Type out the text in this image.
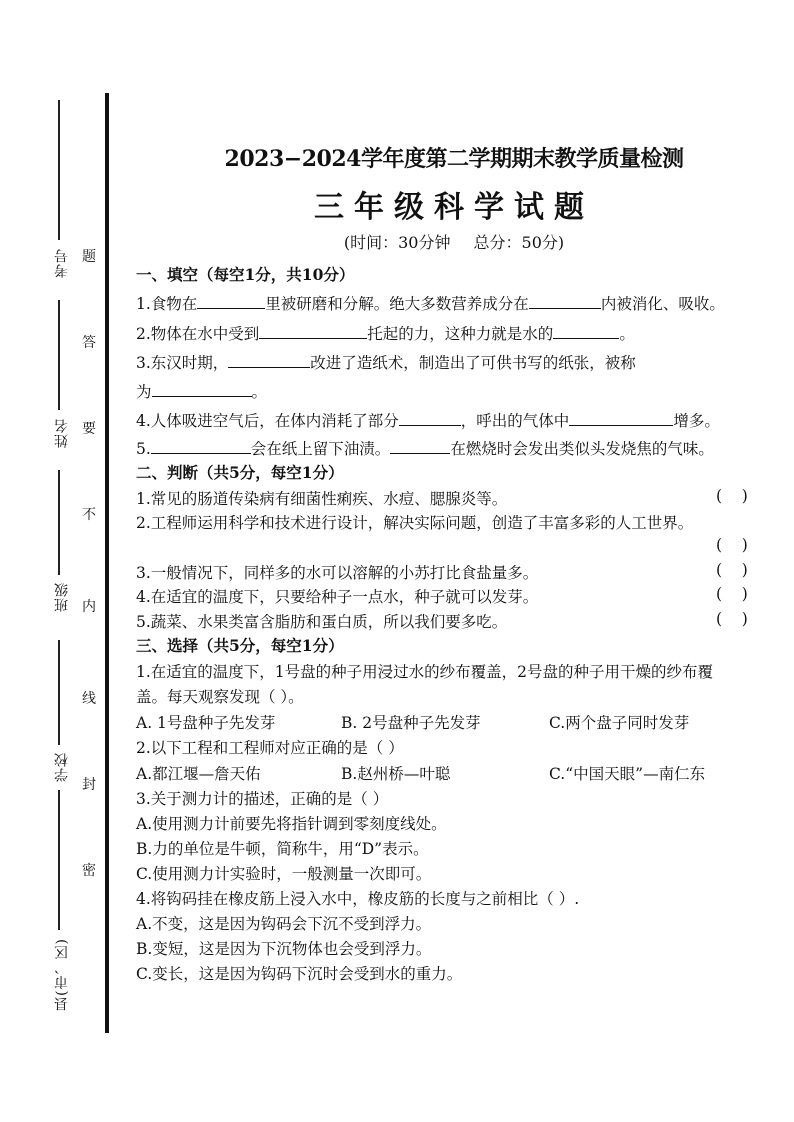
考号
姓名
班级
学校
县(市、区)
题
答
要
不
内
线
封
密
2023−2024学年度第二学期期末教学质量检测
三年级科学试题
(时间：30分钟 总分：50分)
一、填空（每空1分，共10分）
1.食物在	里被研磨和分解。绝大多数营养成分在	内被消化、吸收。
2.物体在水中受到	托起的力，这种力就是水的	。
3.东汉时期，	改进了造纸术，制造出了可供书写的纸张，被称
为	。
4.人体吸进空气后，在体内消耗了部分	，呼出的气体中	增多。
5.	会在纸上留下油渍。	在燃烧时会发出类似头发烧焦的气味。
二、判断（共5分，每空1分）
1.常见的肠道传染病有细菌性痢疾、水痘、腮腺炎等。	(    )
2.工程师运用科学和技术进行设计，解决实际问题，创造了丰富多彩的人工世界。
(    )
3.一般情况下，同样多的水可以溶解的小苏打比食盐量多。	(    )
4.在适宜的温度下，只要给种子一点水，种子就可以发芽。	(    )
5.蔬菜、水果类富含脂肪和蛋白质，所以我们要多吃。	(    )
三、选择（共5分，每空1分）
1.在适宜的温度下，1号盘的种子用浸过水的纱布覆盖，2号盘的种子用干燥的纱布覆
盖。每天观察发现（ ）。
A. 1号盘种子先发芽	B. 2号盘种子先发芽	C.两个盘子同时发芽
2.以下工程和工程师对应正确的是（ ）
A.都江堰—詹天佑	B.赵州桥—叶聪	C.“中国天眼”—南仁东
3.关于测力计的描述，正确的是（ ）
A.使用测力计前要先将指针调到零刻度线处。
B.力的单位是牛顿，简称牛，用“D”表示。
C.使用测力计实验时，一般测量一次即可。
4.将钩码挂在橡皮筋上浸入水中，橡皮筋的长度与之前相比（ ）.
A.不变，这是因为钩码会下沉不受到浮力。
B.变短，这是因为下沉物体也会受到浮力。
C.变长，这是因为钩码下沉时会受到水的重力。
